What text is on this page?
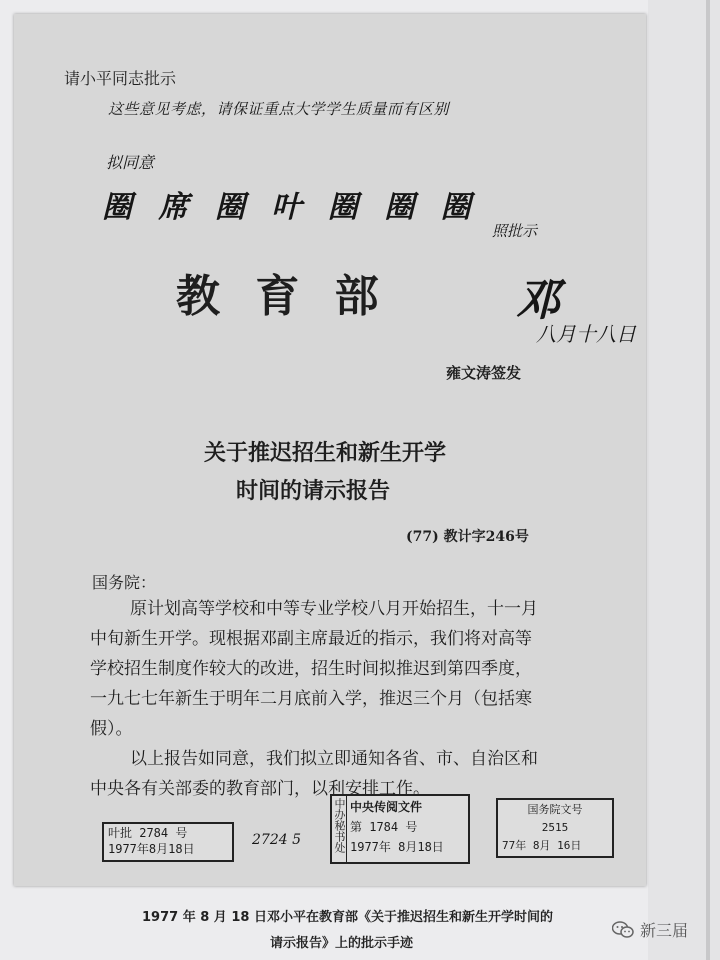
请小平同志批示
这些意见考虑，请保证重点大学学生质量而有区别
拟同意
圈 席 圈 叶 圈 圈 圈
照批示
教 育 部	邓
八月十八日
雍文涛签发
关于推迟招生和新生开学
时间的请示报告
(77) 教计字246号
国务院：
原计划高等学校和中等专业学校八月开始招生，十一月
中旬新生开学。现根据邓副主席最近的指示，我们将对高等
学校招生制度作较大的改进，招生时间拟推迟到第四季度，
一九七七年新生于明年二月底前入学，推迟三个月（包括寒
假）。
以上报告如同意，我们拟立即通知各省、市、自治区和
中央各有关部委的教育部门，以利安排工作。
叶批 2784 号
1977年8月18日
2724 5	中办秘书处 中央传阅文件
第 1784 号
1977年 8月18日
国务院文号
2515
77年 8月 16日
1977 年 8 月 18 日邓小平在教育部《关于推迟招生和新生开学时间的
请示报告》上的批示手迹
新三届
